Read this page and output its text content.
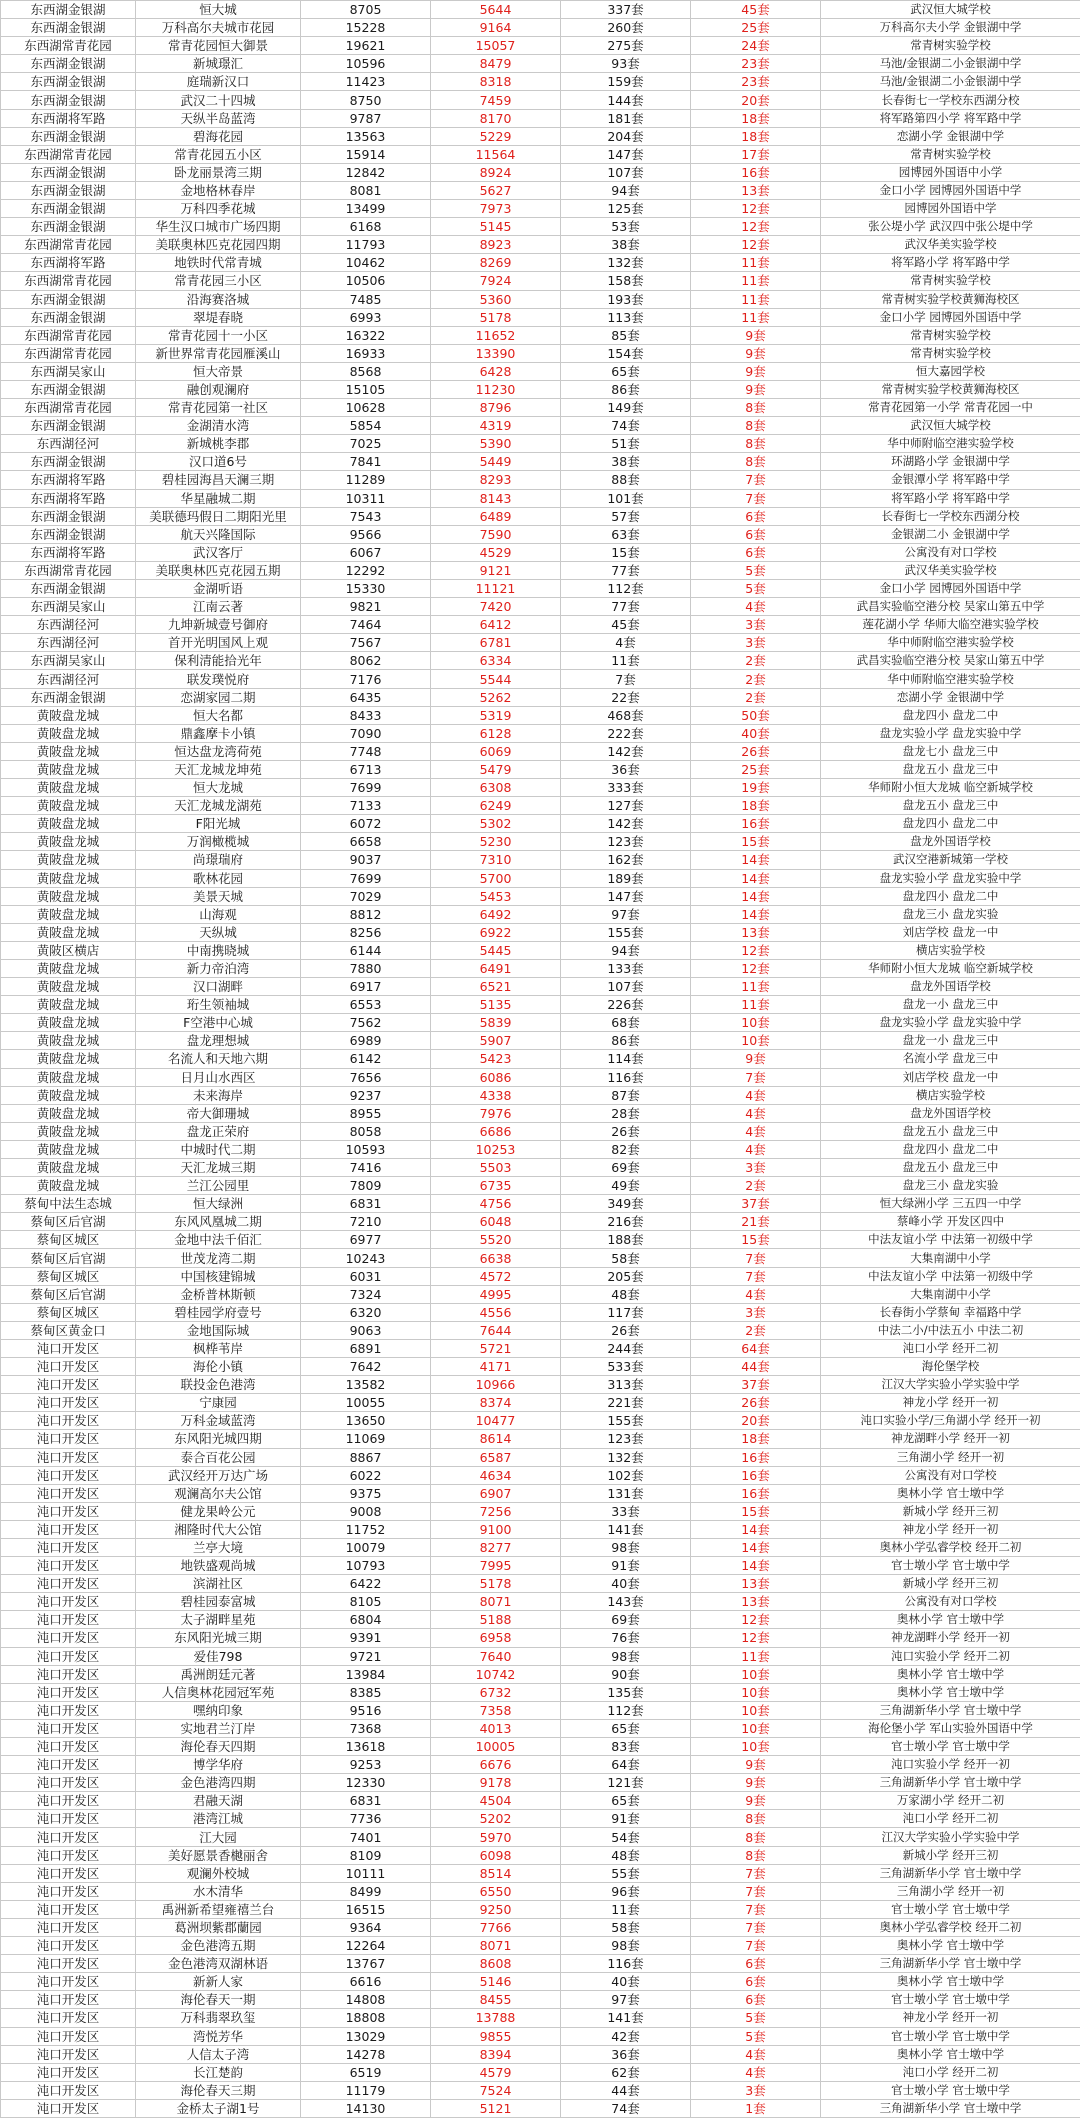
东西湖金银湖	恒大城	8705	5644	337套	45套	武汉恒大城学校
东西湖金银湖	万科高尔夫城市花园	15228	9164	260套	25套	万科高尔夫小学 金银湖中学
东西湖常青花园	常青花园恒大御景	19621	15057	275套	24套	常青树实验学校
东西湖金银湖	新城璟汇	10596	8479	93套	23套	马池/金银湖二小金银湖中学
东西湖金银湖	庭瑞新汉口	11423	8318	159套	23套	马池/金银湖二小金银湖中学
东西湖金银湖	武汉二十四城	8750	7459	144套	20套	长春街七一学校东西湖分校
东西湖将军路	天纵半岛蓝湾	9787	8170	181套	18套	将军路第四小学 将军路中学
东西湖金银湖	碧海花园	13563	5229	204套	18套	恋湖小学 金银湖中学
东西湖常青花园	常青花园五小区	15914	11564	147套	17套	常青树实验学校
东西湖金银湖	卧龙丽景湾三期	12842	8924	107套	16套	园博园外国语中小学
东西湖金银湖	金地格林春岸	8081	5627	94套	13套	金口小学 园博园外国语中学
东西湖金银湖	万科四季花城	13499	7973	125套	12套	园博园外国语中学
东西湖金银湖	华生汉口城市广场四期	6168	5145	53套	12套	张公堤小学 武汉四中张公堤中学
东西湖常青花园	美联奥林匹克花园四期	11793	8923	38套	12套	武汉华美实验学校
东西湖将军路	地铁时代常青城	10462	8269	132套	11套	将军路小学 将军路中学
东西湖常青花园	常青花园三小区	10506	7924	158套	11套	常青树实验学校
东西湖金银湖	沿海赛洛城	7485	5360	193套	11套	常青树实验学校黄狮海校区
东西湖金银湖	翠堤春晓	6993	5178	113套	11套	金口小学 园博园外国语中学
东西湖常青花园	常青花园十一小区	16322	11652	85套	9套	常青树实验学校
东西湖常青花园	新世界常青花园雁溪山	16933	13390	154套	9套	常青树实验学校
东西湖吴家山	恒大帝景	8568	6428	65套	9套	恒大嘉园学校
东西湖金银湖	融创观澜府	15105	11230	86套	9套	常青树实验学校黄狮海校区
东西湖常青花园	常青花园第一社区	10628	8796	149套	8套	常青花园第一小学 常青花园一中
东西湖金银湖	金湖清水湾	5854	4319	74套	8套	武汉恒大城学校
东西湖径河	新城桃李郡	7025	5390	51套	8套	华中师附临空港实验学校
东西湖金银湖	汉口道6号	7841	5449	38套	8套	环湖路小学 金银湖中学
东西湖将军路	碧桂园海昌天澜三期	11289	8293	88套	7套	金银潭小学 将军路中学
东西湖将军路	华星融城二期	10311	8143	101套	7套	将军路小学 将军路中学
东西湖金银湖	美联德玛假日二期阳光里	7543	6489	57套	6套	长春街七一学校东西湖分校
东西湖金银湖	航天兴隆国际	9566	7590	63套	6套	金银湖二小 金银湖中学
东西湖将军路	武汉客厅	6067	4529	15套	6套	公寓没有对口学校
东西湖常青花园	美联奥林匹克花园五期	12292	9121	77套	5套	武汉华美实验学校
东西湖金银湖	金湖听语	15330	11121	112套	5套	金口小学 园博园外国语中学
东西湖吴家山	江南云著	9821	7420	77套	4套	武昌实验临空港分校 吴家山第五中学
东西湖径河	九坤新城壹号御府	7464	6412	45套	3套	莲花湖小学 华师大临空港实验学校
东西湖径河	首开光明国风上观	7567	6781	4套	3套	华中师附临空港实验学校
东西湖吴家山	保利清能拾光年	8062	6334	11套	2套	武昌实验临空港分校 吴家山第五中学
东西湖径河	联发璞悦府	7176	5544	7套	2套	华中师附临空港实验学校
东西湖金银湖	恋湖家园二期	6435	5262	22套	2套	恋湖小学 金银湖中学
黄陂盘龙城	恒大名都	8433	5319	468套	50套	盘龙四小 盘龙二中
黄陂盘龙城	鼎鑫摩卡小镇	7090	6128	222套	40套	盘龙实验小学 盘龙实验中学
黄陂盘龙城	恒达盘龙湾荷苑	7748	6069	142套	26套	盘龙七小 盘龙三中
黄陂盘龙城	天汇龙城龙坤苑	6713	5479	36套	25套	盘龙五小 盘龙三中
黄陂盘龙城	恒大龙城	7699	6308	333套	19套	华师附小恒大龙城 临空新城学校
黄陂盘龙城	天汇龙城龙湖苑	7133	6249	127套	18套	盘龙五小 盘龙三中
黄陂盘龙城	F阳光城	6072	5302	142套	16套	盘龙四小 盘龙二中
黄陂盘龙城	万润橄榄城	6658	5230	123套	15套	盘龙外国语学校
黄陂盘龙城	尚璟瑞府	9037	7310	162套	14套	武汉空港新城第一学校
黄陂盘龙城	歌林花园	7699	5700	189套	14套	盘龙实验小学 盘龙实验中学
黄陂盘龙城	美景天城	7029	5453	147套	14套	盘龙四小 盘龙二中
黄陂盘龙城	山海观	8812	6492	97套	14套	盘龙三小 盘龙实验
黄陂盘龙城	天纵城	8256	6922	155套	13套	刘店学校 盘龙一中
黄陂区横店	中南携晓城	6144	5445	94套	12套	横店实验学校
黄陂盘龙城	新力帝泊湾	7880	6491	133套	12套	华师附小恒大龙城 临空新城学校
黄陂盘龙城	汉口湖畔	6917	6521	107套	11套	盘龙外国语学校
黄陂盘龙城	珩生领袖城	6553	5135	226套	11套	盘龙一小 盘龙三中
黄陂盘龙城	F空港中心城	7562	5839	68套	10套	盘龙实验小学 盘龙实验中学
黄陂盘龙城	盘龙理想城	6989	5907	86套	10套	盘龙一小 盘龙三中
黄陂盘龙城	名流人和天地六期	6142	5423	114套	9套	名流小学 盘龙三中
黄陂盘龙城	日月山水西区	7656	6086	116套	7套	刘店学校 盘龙一中
黄陂盘龙城	未来海岸	9237	4338	87套	4套	横店实验学校
黄陂盘龙城	帝大御珊城	8955	7976	28套	4套	盘龙外国语学校
黄陂盘龙城	盘龙正荣府	8058	6686	26套	4套	盘龙五小 盘龙三中
黄陂盘龙城	中城时代二期	10593	10253	82套	4套	盘龙四小 盘龙二中
黄陂盘龙城	天汇龙城三期	7416	5503	69套	3套	盘龙五小 盘龙三中
黄陂盘龙城	兰江公园里	7809	6735	49套	2套	盘龙三小 盘龙实验
蔡甸中法生态城	恒大绿洲	6831	4756	349套	37套	恒大绿洲小学 三五四一中学
蔡甸区后官湖	东风风凰城二期	7210	6048	216套	21套	蔡峰小学 开发区四中
蔡甸区城区	金地中法千佰汇	6977	5520	188套	15套	中法友谊小学 中法第一初级中学
蔡甸区后官湖	世茂龙湾二期	10243	6638	58套	7套	大集南湖中小学
蔡甸区城区	中国核建锦城	6031	4572	205套	7套	中法友谊小学 中法第一初级中学
蔡甸区后官湖	金桥普林斯顿	7324	4995	48套	4套	大集南湖中小学
蔡甸区城区	碧桂园学府壹号	6320	4556	117套	3套	长春街小学蔡甸 幸福路中学
蔡甸区黄金口	金地国际城	9063	7644	26套	2套	中法二小/中法五小 中法二初
沌口开发区	枫桦苇岸	6891	5721	244套	64套	沌口小学 经开二初
沌口开发区	海伦小镇	7642	4171	533套	44套	海伦堡学校
沌口开发区	联投金色港湾	13582	10966	313套	37套	江汉大学实验小学实验中学
沌口开发区	宁康园	10055	8374	221套	26套	神龙小学 经开一初
沌口开发区	万科金域蓝湾	13650	10477	155套	20套	沌口实验小学/三角湖小学 经开一初
沌口开发区	东风阳光城四期	11069	8614	123套	18套	神龙湖畔小学 经开一初
沌口开发区	泰合百花公园	8867	6587	132套	16套	三角湖小学 经开一初
沌口开发区	武汉经开万达广场	6022	4634	102套	16套	公寓没有对口学校
沌口开发区	观澜高尔夫公馆	9375	6907	131套	16套	奥林小学 官士墩中学
沌口开发区	健龙果岭公元	9008	7256	33套	15套	新城小学 经开三初
沌口开发区	湘隆时代大公馆	11752	9100	141套	14套	神龙小学 经开一初
沌口开发区	兰亭大境	10079	8277	98套	14套	奥林小学弘睿学校 经开二初
沌口开发区	地铁盛观尚城	10793	7995	91套	14套	官士墩小学 官士墩中学
沌口开发区	滨湖社区	6422	5178	40套	13套	新城小学 经开三初
沌口开发区	碧桂园泰富城	8105	8071	143套	13套	公寓没有对口学校
沌口开发区	太子湖畔星苑	6804	5188	69套	12套	奥林小学 官士墩中学
沌口开发区	东风阳光城三期	9391	6958	76套	12套	神龙湖畔小学 经开一初
沌口开发区	爱佳798	9721	7640	98套	11套	沌口实验小学 经开二初
沌口开发区	禹洲朗廷元著	13984	10742	90套	10套	奥林小学 官士墩中学
沌口开发区	人信奥林花园冠军苑	8385	6732	135套	10套	奥林小学 官士墩中学
沌口开发区	嘿纳印象	9516	7358	112套	10套	三角湖新华小学 官士墩中学
沌口开发区	实地君兰汀岸	7368	4013	65套	10套	海伦堡小学 军山实验外国语中学
沌口开发区	海伦春天四期	13618	10005	83套	10套	官士墩小学 官士墩中学
沌口开发区	博学华府	9253	6676	64套	9套	沌口实验小学 经开一初
沌口开发区	金色港湾四期	12330	9178	121套	9套	三角湖新华小学 官士墩中学
沌口开发区	君融天湖	6831	4504	65套	9套	万家湖小学 经开二初
沌口开发区	港湾江城	7736	5202	91套	8套	沌口小学 经开二初
沌口开发区	江大园	7401	5970	54套	8套	江汉大学实验小学实验中学
沌口开发区	美好愿景香樾丽舍	8109	6098	48套	8套	新城小学 经开三初
沌口开发区	观澜外校城	10111	8514	55套	7套	三角湖新华小学 官士墩中学
沌口开发区	水木清华	8499	6550	96套	7套	三角湖小学 经开一初
沌口开发区	禹洲新希望雍禧兰台	16515	9250	11套	7套	官士墩小学 官士墩中学
沌口开发区	葛洲坝紫郡蘭园	9364	7766	58套	7套	奥林小学弘睿学校 经开二初
沌口开发区	金色港湾五期	12264	8071	98套	7套	奥林小学 官士墩中学
沌口开发区	金色港湾双湖林语	13767	8608	116套	6套	三角湖新华小学 官士墩中学
沌口开发区	新新人家	6616	5146	40套	6套	奥林小学 官士墩中学
沌口开发区	海伦春天一期	14808	8455	97套	6套	官士墩小学 官士墩中学
沌口开发区	万科翡翠玖玺	18808	13788	141套	5套	神龙小学 经开一初
沌口开发区	湾悦芳华	13029	9855	42套	5套	官士墩小学 官士墩中学
沌口开发区	人信太子湾	14278	8394	36套	4套	奥林小学 官士墩中学
沌口开发区	长江楚韵	6519	4579	62套	4套	沌口小学 经开二初
沌口开发区	海伦春天三期	11179	7524	44套	3套	官士墩小学 官士墩中学
沌口开发区	金桥太子湖1号	14130	5121	74套	1套	三角湖新华小学 官士墩中学
